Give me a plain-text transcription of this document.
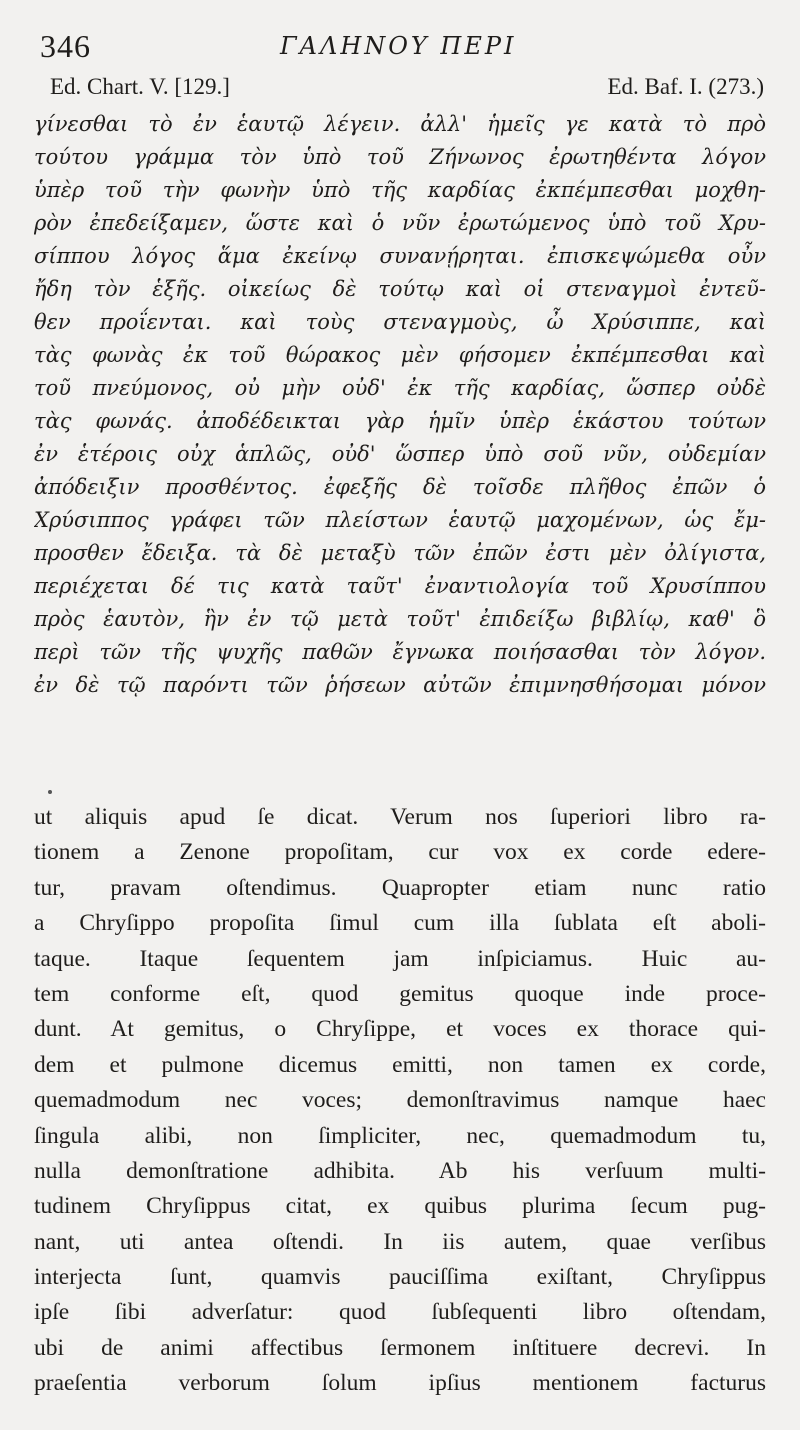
346	ΓΑΛΗΝΟΥ ΠΕΡΙ
Ed. Chart. V. [129.]	Ed. Baf. I. (273.)
γίνεσθαι τὸ ἐν ἑαυτῷ λέγειν. ἀλλ' ἡμεῖς γε κατὰ τὸ πρὸ
τούτου γράμμα τὸν ὑπὸ τοῦ Ζήνωνος ἐρωτηθέντα λόγον
ὑπὲρ τοῦ τὴν φωνὴν ὑπὸ τῆς καρδίας ἐκπέμπεσθαι μοχθη-
ρὸν ἐπεδείξαμεν, ὥστε καὶ ὁ νῦν ἐρωτώμενος ὑπὸ τοῦ Χρυ-
σίππου λόγος ἅμα ἐκείνῳ συνανῄρηται. ἐπισκεψώμεθα οὖν
ἤδη τὸν ἑξῆς. οἰκείως δὲ τούτῳ καὶ οἱ στεναγμοὶ ἐντεῦ-
θεν προΐενται. καὶ τοὺς στεναγμοὺς, ὦ Χρύσιππε, καὶ
τὰς φωνὰς ἐκ τοῦ θώρακος μὲν φήσομεν ἐκπέμπεσθαι καὶ
τοῦ πνεύμονος, οὐ μὴν οὐδ' ἐκ τῆς καρδίας, ὥσπερ οὐδὲ
τὰς φωνάς. ἀποδέδεικται γὰρ ἡμῖν ὑπὲρ ἑκάστου τούτων
ἐν ἑτέροις οὐχ ἁπλῶς, οὐδ' ὥσπερ ὑπὸ σοῦ νῦν, οὐδεμίαν
ἀπόδειξιν προσθέντος. ἐφεξῆς δὲ τοῖσδε πλῆθος ἐπῶν ὁ
Χρύσιππος γράφει τῶν πλείστων ἑαυτῷ μαχομένων, ὡς ἔμ-
προσθεν ἔδειξα. τὰ δὲ μεταξὺ τῶν ἐπῶν ἐστι μὲν ὀλίγιστα,
περιέχεται δέ τις κατὰ ταῦτ' ἐναντιολογία τοῦ Χρυσίππου
πρὸς ἑαυτὸν, ἣν ἐν τῷ μετὰ τοῦτ' ἐπιδείξω βιβλίῳ, καθ' ὃ
περὶ τῶν τῆς ψυχῆς παθῶν ἔγνωκα ποιήσασθαι τὸν λόγον.
ἐν δὲ τῷ παρόντι τῶν ῥήσεων αὐτῶν ἐπιμνησθήσομαι μόνον
ut aliquis apud ſe dicat. Verum nos ſuperiori libro ra-
tionem a Zenone propoſitam, cur vox ex corde edere-
tur, pravam oſtendimus. Quapropter etiam nunc ratio
a Chryſippo propoſita ſimul cum illa ſublata eſt aboli-
taque. Itaque ſequentem jam inſpiciamus. Huic au-
tem conforme eſt, quod gemitus quoque inde proce-
dunt. At gemitus, o Chryſippe, et voces ex thorace qui-
dem et pulmone dicemus emitti, non tamen ex corde,
quemadmodum nec voces; demonſtravimus namque haec
ſingula alibi, non ſimpliciter, nec, quemadmodum tu,
nulla demonſtratione adhibita. Ab his verſuum multi-
tudinem Chryſippus citat, ex quibus plurima ſecum pug-
nant, uti antea oſtendi. In iis autem, quae verſibus
interjecta ſunt, quamvis pauciſſima exiſtant, Chryſippus
ipſe ſibi adverſatur: quod ſubſequenti libro oſtendam,
ubi de animi affectibus ſermonem inſtituere decrevi. In
praeſentia verborum ſolum ipſius mentionem facturus
